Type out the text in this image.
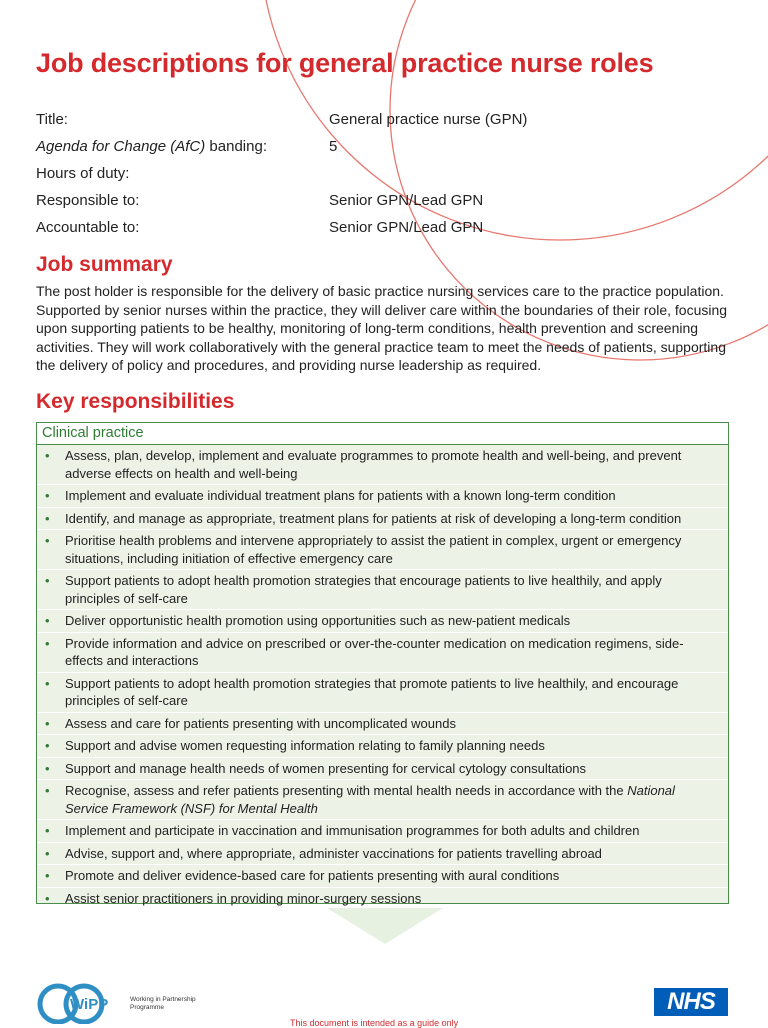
Job descriptions for general practice nurse roles
Title:	General practice nurse (GPN)
Agenda for Change (AfC) banding:	5
Hours of duty:
Responsible to:	Senior GPN/Lead GPN
Accountable to:	Senior GPN/Lead GPN
Job summary

The post holder is responsible for the delivery of basic practice nursing services care to the practice population. Supported by senior nurses within the practice, they will deliver care within the boundaries of their role, focusing upon supporting patients to be healthy, monitoring of long-term conditions, health prevention and screening activities. They will work collaboratively with the general practice team to meet the needs of patients, supporting the delivery of policy and procedures, and providing nurse leadership as required.

Key responsibilities
Clinical practice
• Assess, plan, develop, implement and evaluate programmes to promote health and well-being, and prevent adverse effects on health and well-being
• Implement and evaluate individual treatment plans for patients with a known long-term condition
• Identify, and manage as appropriate, treatment plans for patients at risk of developing a long-term condition
• Prioritise health problems and intervene appropriately to assist the patient in complex, urgent or emergency situations, including initiation of effective emergency care
• Support patients to adopt health promotion strategies that encourage patients to live healthily, and apply principles of self-care
• Deliver opportunistic health promotion using opportunities such as new-patient medicals
• Provide information and advice on prescribed or over-the-counter medication on medication regimens, side-effects and interactions
• Support patients to adopt health promotion strategies that promote patients to live healthily, and encourage principles of self-care
• Assess and care for patients presenting with uncomplicated wounds
• Support and advise women requesting information relating to family planning needs
• Support and manage health needs of women presenting for cervical cytology consultations
• Recognise, assess and refer patients presenting with mental health needs in accordance with the National Service Framework (NSF) for Mental Health
• Implement and participate in vaccination and immunisation programmes for both adults and children
• Advise, support and, where appropriate, administer vaccinations for patients travelling abroad
• Promote and deliver evidence-based care for patients presenting with aural conditions
• Assist senior practitioners in providing minor-surgery sessions
WiPP	Working in Partnership Programme	NHS
This document is intended as a guide only
